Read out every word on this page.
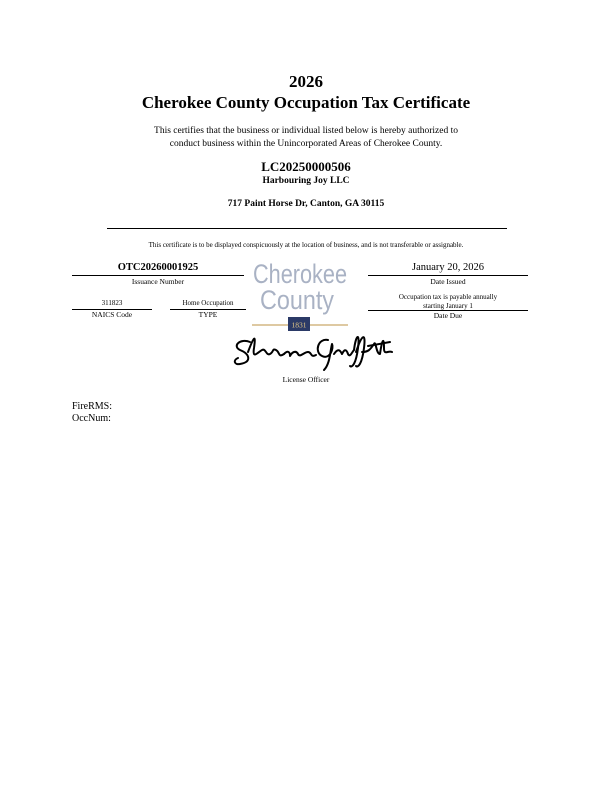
2026
Cherokee County Occupation Tax Certificate
This certifies that the business or individual listed below is hereby authorized to
conduct business within the Unincorporated Areas of Cherokee County.
LC20250000506
Harbouring Joy LLC
717 Paint Horse Dr, Canton, GA 30115
This certificate is to be displayed conspicuously at the location of business, and is not transferable or assignable.
OTC20260001925
Issuance Number
January 20, 2026
Date Issued
311823
NAICS Code
Home Occupation
TYPE
Occupation tax is payable annually
starting January 1
Date Due
Cherokee
County
1831
License Officer
FireRMS:
OccNum:
